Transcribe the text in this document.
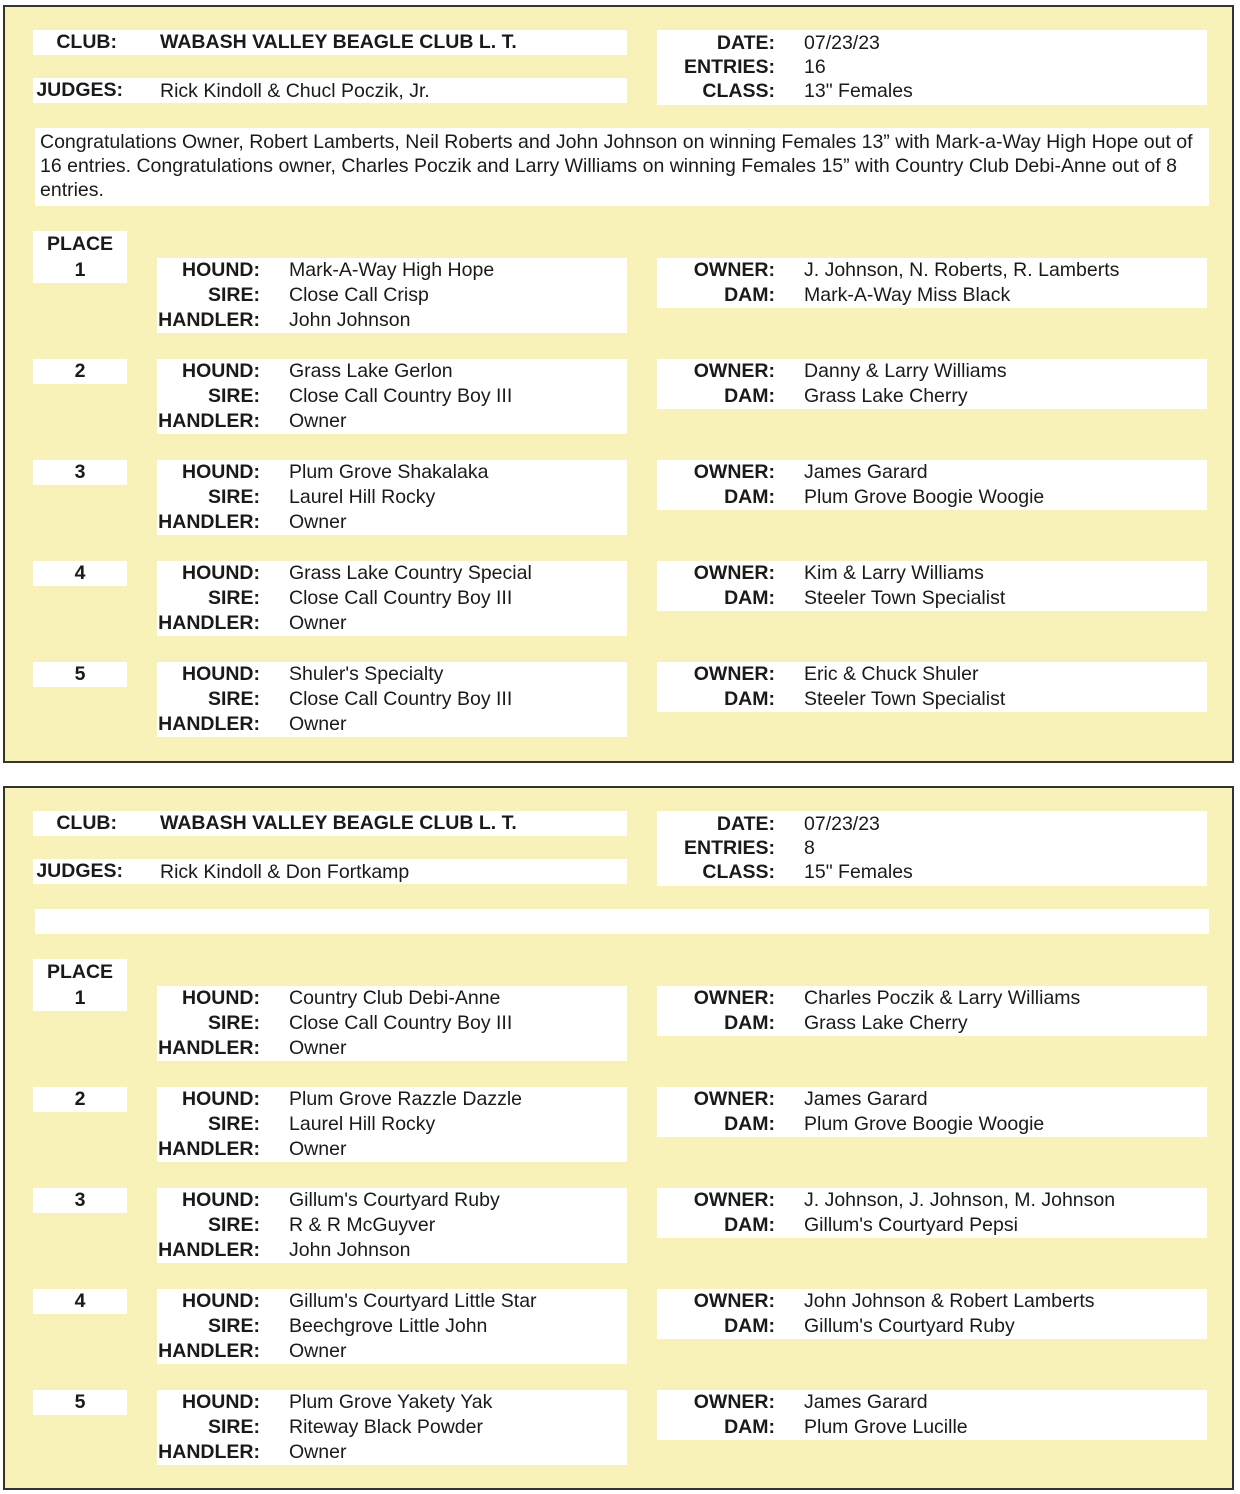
CLUB: WABASH VALLEY BEAGLE CLUB L. T.
JUDGES: Rick Kindoll & Chucl Poczik, Jr.
DATE: 07/23/23
ENTRIES: 16
CLASS: 13" Females
Congratulations Owner, Robert Lamberts, Neil Roberts and John Johnson on winning Females 13” with Mark-a-Way High Hope out of 16 entries. Congratulations owner, Charles Poczik and Larry Williams on winning Females 15” with Country Club Debi-Anne out of 8 entries.
PLACE
1	HOUND: Mark-A-Way High Hope
SIRE: Close Call Crisp
HANDLER: John Johnson
OWNER: J. Johnson, N. Roberts, R. Lamberts
DAM: Mark-A-Way Miss Black
2	HOUND: Grass Lake Gerlon
SIRE: Close Call Country Boy III
HANDLER: Owner
OWNER: Danny & Larry Williams
DAM: Grass Lake Cherry
3	HOUND: Plum Grove Shakalaka
SIRE: Laurel Hill Rocky
HANDLER: Owner
OWNER: James Garard
DAM: Plum Grove Boogie Woogie
4	HOUND: Grass Lake Country Special
SIRE: Close Call Country Boy III
HANDLER: Owner
OWNER: Kim & Larry Williams
DAM: Steeler Town Specialist
5	HOUND: Shuler's Specialty
SIRE: Close Call Country Boy III
HANDLER: Owner
OWNER: Eric & Chuck Shuler
DAM: Steeler Town Specialist
CLUB: WABASH VALLEY BEAGLE CLUB L. T.
JUDGES: Rick Kindoll & Don Fortkamp
DATE: 07/23/23
ENTRIES: 8
CLASS: 15" Females
PLACE
1	HOUND: Country Club Debi-Anne
SIRE: Close Call Country Boy III
HANDLER: Owner
OWNER: Charles Poczik & Larry Williams
DAM: Grass Lake Cherry
2	HOUND: Plum Grove Razzle Dazzle
SIRE: Laurel Hill Rocky
HANDLER: Owner
OWNER: James Garard
DAM: Plum Grove Boogie Woogie
3	HOUND: Gillum's Courtyard Ruby
SIRE: R & R McGuyver
HANDLER: John Johnson
OWNER: J. Johnson, J. Johnson, M. Johnson
DAM: Gillum's Courtyard Pepsi
4	HOUND: Gillum's Courtyard Little Star
SIRE: Beechgrove Little John
HANDLER: Owner
OWNER: John Johnson & Robert Lamberts
DAM: Gillum's Courtyard Ruby
5	HOUND: Plum Grove Yakety Yak
SIRE: Riteway Black Powder
HANDLER: Owner
OWNER: James Garard
DAM: Plum Grove Lucille
